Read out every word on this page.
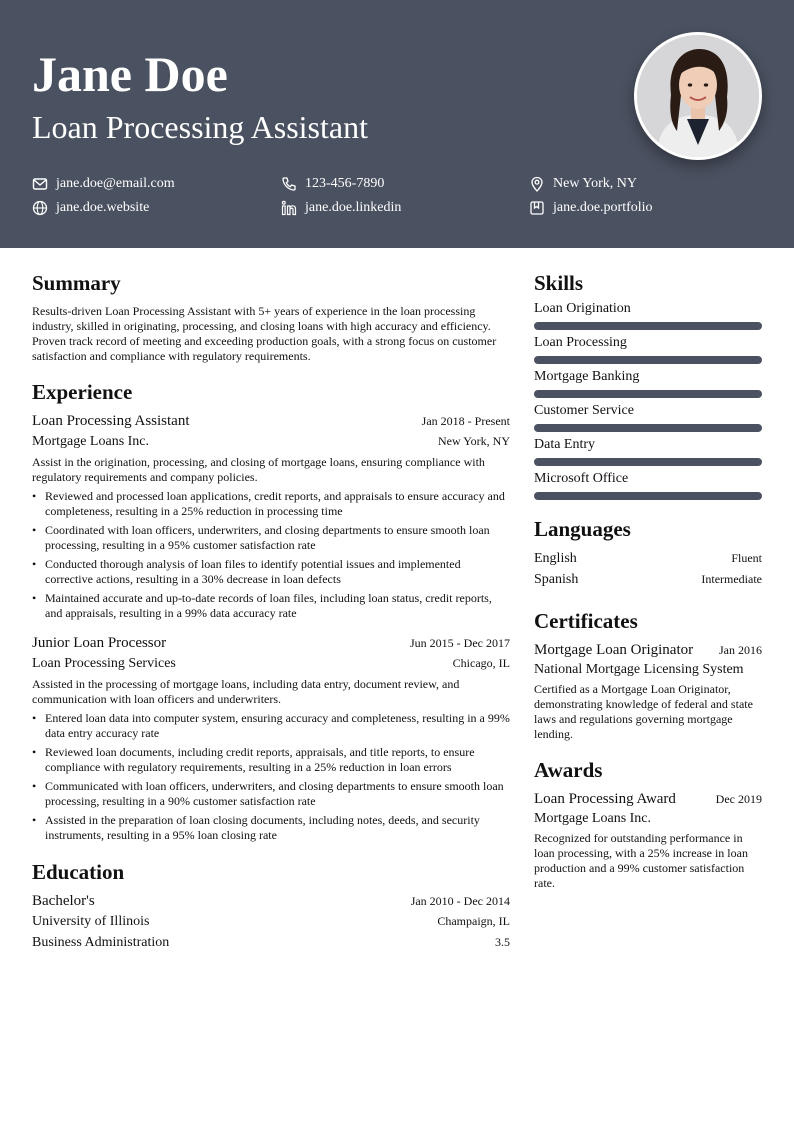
Jane Doe
Loan Processing Assistant
jane.doe@email.com	123-456-7890	New York, NY
jane.doe.website	jane.doe.linkedin	jane.doe.portfolio
Summary

Results-driven Loan Processing Assistant with 5+ years of experience in the loan processing industry, skilled in originating, processing, and closing loans with high accuracy and efficiency. Proven track record of meeting and exceeding production goals, with a strong focus on customer satisfaction and compliance with regulatory requirements.

Experience
Loan Processing Assistant	Jan 2018 - Present
Mortgage Loans Inc.	New York, NY

Assist in the origination, processing, and closing of mortgage loans, ensuring compliance with regulatory requirements and company policies.

• Reviewed and processed loan applications, credit reports, and appraisals to ensure accuracy and completeness, resulting in a 25% reduction in processing time
• Coordinated with loan officers, underwriters, and closing departments to ensure smooth loan processing, resulting in a 95% customer satisfaction rate
• Conducted thorough analysis of loan files to identify potential issues and implemented corrective actions, resulting in a 30% decrease in loan defects
• Maintained accurate and up-to-date records of loan files, including loan status, credit reports, and appraisals, resulting in a 99% data accuracy rate
Junior Loan Processor	Jun 2015 - Dec 2017
Loan Processing Services	Chicago, IL

Assisted in the processing of mortgage loans, including data entry, document review, and communication with loan officers and underwriters.

• Entered loan data into computer system, ensuring accuracy and completeness, resulting in a 99% data entry accuracy rate
• Reviewed loan documents, including credit reports, appraisals, and title reports, to ensure compliance with regulatory requirements, resulting in a 25% reduction in loan errors
• Communicated with loan officers, underwriters, and closing departments to ensure smooth loan processing, resulting in a 90% customer satisfaction rate
• Assisted in the preparation of loan closing documents, including notes, deeds, and security instruments, resulting in a 95% loan closing rate
Education
Bachelor's	Jan 2010 - Dec 2014
University of Illinois	Champaign, IL
Business Administration	3.5
Skills
Loan Origination
Loan Processing
Mortgage Banking
Customer Service
Data Entry
Microsoft Office
Languages
English	Fluent
Spanish	Intermediate
Certificates
Mortgage Loan Originator Jan 2016
National Mortgage Licensing System

Certified as a Mortgage Loan Originator, demonstrating knowledge of federal and state laws and regulations governing mortgage lending.

Awards
Loan Processing Award	Dec 2019
Mortgage Loans Inc.

Recognized for outstanding performance in loan processing, with a 25% increase in loan production and a 99% customer satisfaction rate.
